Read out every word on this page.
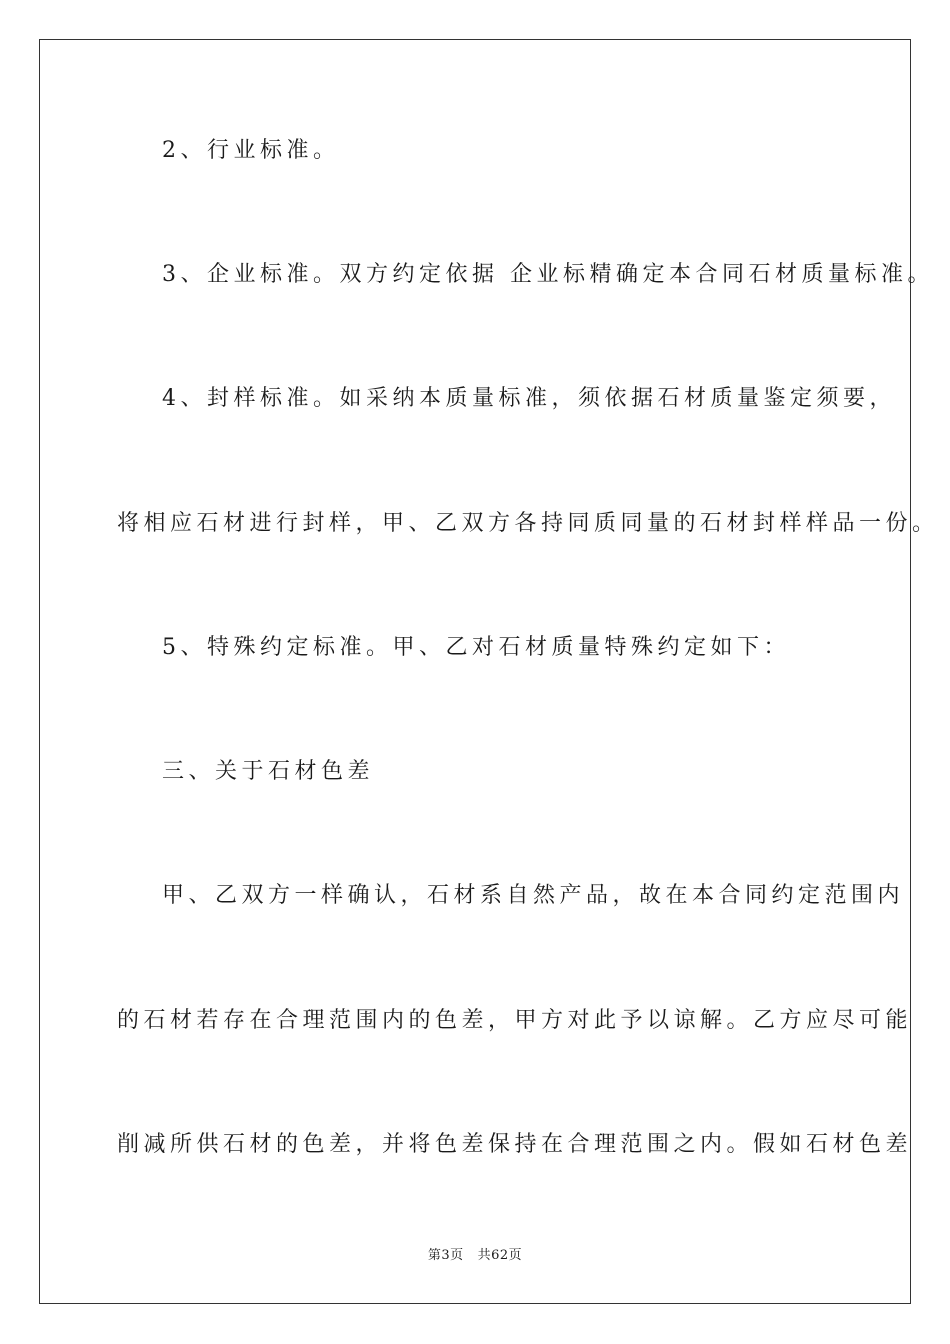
2、行业标准。
3、企业标准。双方约定依据 企业标精确定本合同石材质量标准。
4、封样标准。如采纳本质量标准，须依据石材质量鉴定须要，
将相应石材进行封样，甲、乙双方各持同质同量的石材封样样品一份。
5、特殊约定标准。甲、乙对石材质量特殊约定如下：
三、关于石材色差
甲、乙双方一样确认，石材系自然产品，故在本合同约定范围内
的石材若存在合理范围内的色差，甲方对此予以谅解。乙方应尽可能
削减所供石材的色差，并将色差保持在合理范围之内。假如石材色差
第3页 共62页
